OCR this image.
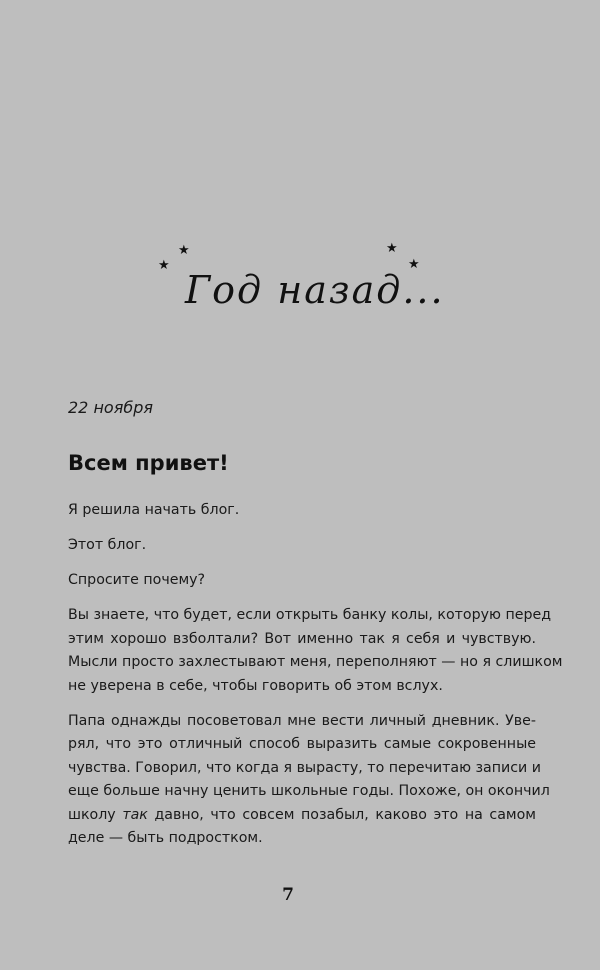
★
★
★
★
Год назад...
22 ноября
Всем привет!
Я решила начать блог.
Этот блог.
Спросите почему?
Вы знаете, что будет, если открыть банку колы, которую перед
этим хорошо взболтали? Вот именно так я себя и чувствую.
Мысли просто захлестывают меня, переполняют — но я слишком
не уверена в себе, чтобы говорить об этом вслух.
Папа однажды посоветовал мне вести личный дневник. Уве-
рял, что это отличный способ выразить самые сокровенные
чувства. Говорил, что когда я вырасту, то перечитаю записи и
еще больше начну ценить школьные годы. Похоже, он окончил
школу так давно, что совсем позабыл, каково это на самом
деле — быть подростком.
7
